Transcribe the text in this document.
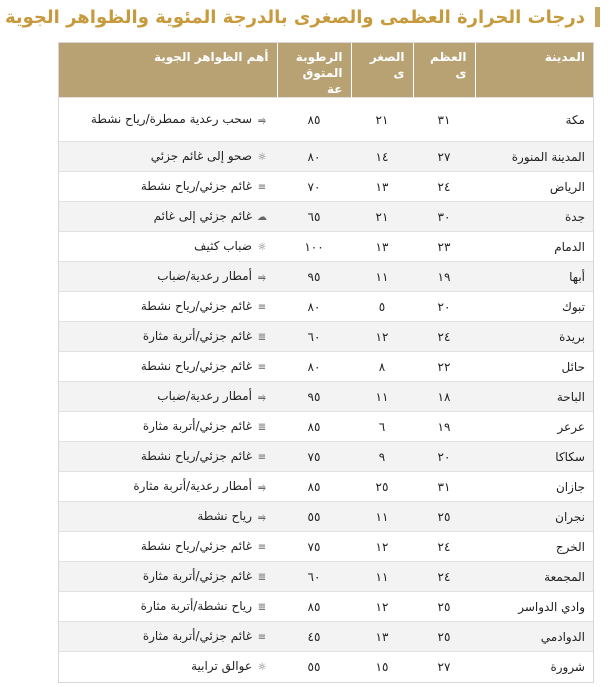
درجات الحرارة العظمى والصغرى بالدرجة المئوية والظواهر الجوية
المدينة	العظم ى	الصغر ى	الرطوبة المتوق عة	أهم الظواهر الجوية
مكة	٣١	٢١	٨٥	⥤سحب رعدية ممطرة/رياح نشطة
المدينة المنورة	٢٧	١٤	٨٠	☼صحو إلى غائم جزئي
الرياض	٢٤	١٣	٧٠	≡غائم جزئي/رياح نشطة
جدة	٣٠	٢١	٦٥	☁غائم جزئي إلى غائم
الدمام	٢٣	١٣	١٠٠	☼ضباب كثيف
أبها	١٩	١١	٩٥	⥤أمطار رعدية/ضباب
تبوك	٢٠	٥	٨٠	≡غائم جزئي/رياح نشطة
بريدة	٢٤	١٢	٦٠	≣غائم جزئي/أتربة مثارة
حائل	٢٢	٨	٨٠	≡غائم جزئي/رياح نشطة
الباحة	١٨	١١	٩٥	⥤أمطار رعدية/ضباب
عرعر	١٩	٦	٨٥	≣غائم جزئي/أتربة مثارة
سكاكا	٢٠	٩	٧٥	≡غائم جزئي/رياح نشطة
جازان	٣١	٢٥	٨٥	⥤أمطار رعدية/أتربة مثارة
نجران	٢٥	١١	٥٥	⥤رياح نشطة
الخرج	٢٤	١٢	٧٥	≡غائم جزئي/رياح نشطة
المجمعة	٢٤	١١	٦٠	≣غائم جزئي/أتربة مثارة
وادي الدواسر	٢٥	١٢	٨٥	≣رياح نشطة/أتربة مثارة
الدوادمي	٢٥	١٣	٤٥	≡غائم جزئي/أتربة مثارة
شرورة	٢٧	١٥	٥٥	☼عوالق ترابية
